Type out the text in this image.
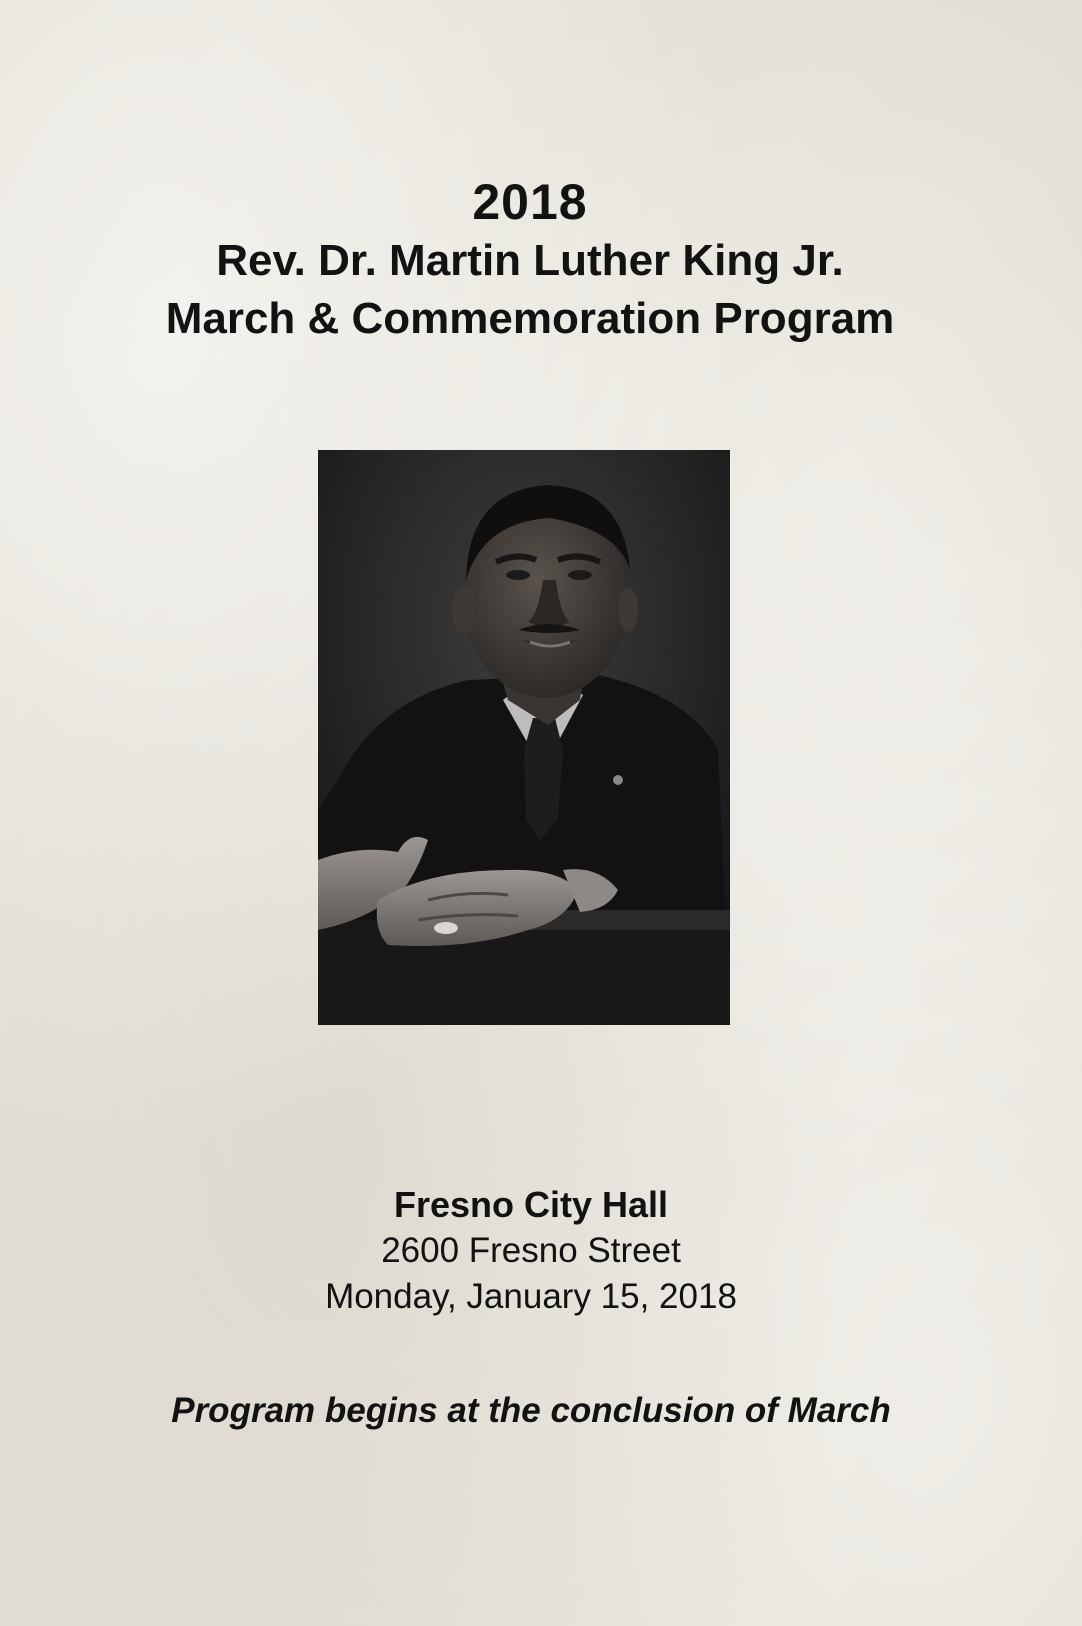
2018
Rev. Dr. Martin Luther King Jr.
March & Commemoration Program
Fresno City Hall
2600 Fresno Street
Monday, January 15, 2018
Program begins at the conclusion of March
